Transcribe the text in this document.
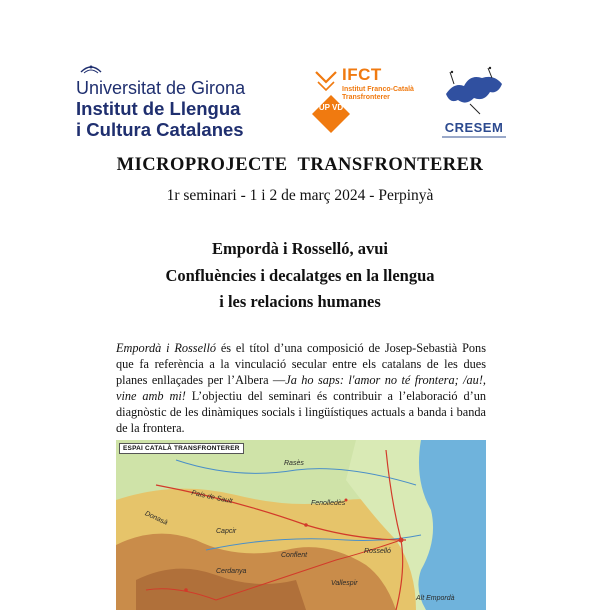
Universitat de Girona
Institut de Llengua
i Cultura Catalanes
IFCT
Institut Franco-Català Transfronterer
UP VD
CRESEM
MICROPROJECTE  TRANSFRONTERER
1r seminari - 1 i 2 de març 2024 - Perpinyà
Empordà i Rosselló, avui
Confluències i decalatges en la llengua
i les relacions humanes
Empordà i Rosselló és el títol d’una composició de Josep-Sebastià Pons que fa referència a la vinculació secular entre els catalans de les dues planes enllaçades per l’Albera —Ja ho saps: l'amor no té frontera; /au!, vine amb mi! L’objectiu del seminari és contribuir a l’elaboració d’un diagnòstic de les dinàmiques socials i lingüístiques actuals a banda i banda de la frontera.
ESPAI CATALÀ TRANSFRONTERER
Rasès
Fenolledès
País de Sault
Capcir
Conflent
Rosselló
Vallespir
Cerdanya
Donasà
Alt Empordà
